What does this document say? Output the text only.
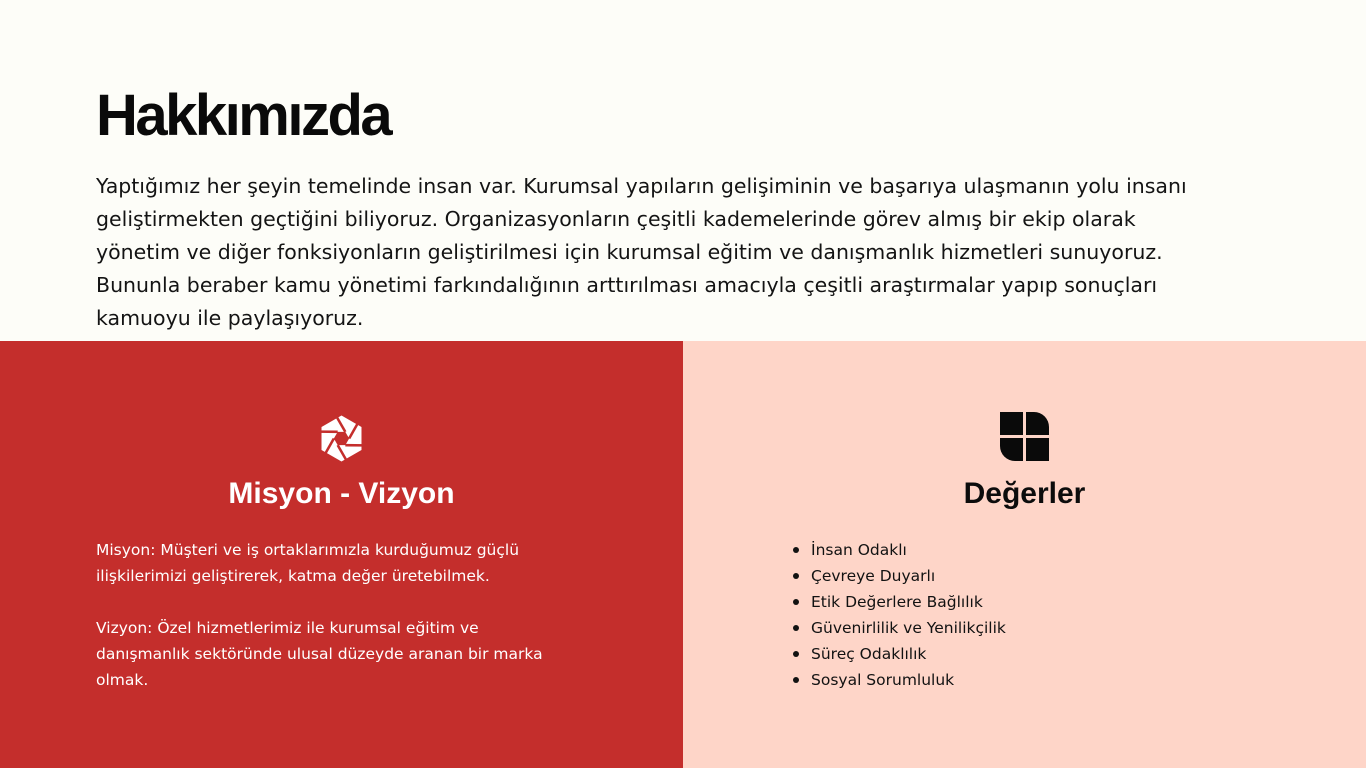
Hakkımızda

Yaptığımız her şeyin temelinde insan var. Kurumsal yapıların gelişiminin ve başarıya ulaşmanın yolu insanı
geliştirmekten geçtiğini biliyoruz. Organizasyonların çeşitli kademelerinde görev almış bir ekip olarak
yönetim ve diğer fonksiyonların geliştirilmesi için kurumsal eğitim ve danışmanlık hizmetleri sunuyoruz.
Bununla beraber kamu yönetimi farkındalığının arttırılması amacıyla çeşitli araştırmalar yapıp sonuçları
kamuoyu ile paylaşıyoruz.

Misyon - Vizyon	Değerler

Misyon: Müşteri ve iş ortaklarımızla kurduğumuz güçlü
ilişkilerimizi geliştirerek, katma değer üretebilmek.

Vizyon: Özel hizmetlerimiz ile kurumsal eğitim ve
danışmanlık sektöründe ulusal düzeyde aranan bir marka
olmak.

İnsan Odaklı
Çevreye Duyarlı
Etik Değerlere Bağlılık
Güvenirlilik ve Yenilikçilik
Süreç Odaklılık
Sosyal Sorumluluk
